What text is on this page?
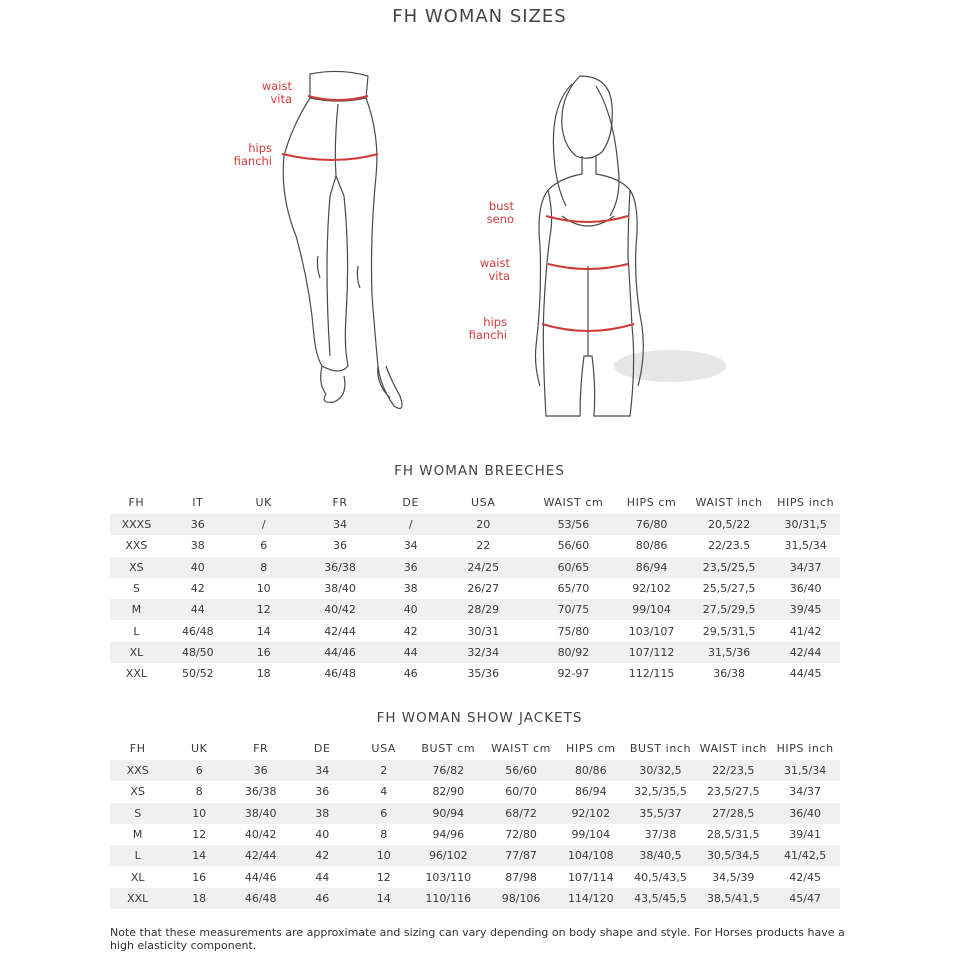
FH WOMAN SIZES
waist
vita
hips
fianchi
bust
seno
waist
vita
hips
fianchi
FH WOMAN BREECHES
FH	IT	UK	FR	DE	USA	WAIST cm	HIPS cm	WAIST inch	HIPS inch
XXXS	36	/	34	/	20	53/56	76/80	20,5/22	30/31,5
XXS	38	6	36	34	22	56/60	80/86	22/23.5	31,5/34
XS	40	8	36/38	36	24/25	60/65	86/94	23,5/25,5	34/37
S	42	10	38/40	38	26/27	65/70	92/102	25,5/27,5	36/40
M	44	12	40/42	40	28/29	70/75	99/104	27,5/29,5	39/45
L	46/48	14	42/44	42	30/31	75/80	103/107	29,5/31,5	41/42
XL	48/50	16	44/46	44	32/34	80/92	107/112	31,5/36	42/44
XXL	50/52	18	46/48	46	35/36	92-97	112/115	36/38	44/45
FH WOMAN SHOW JACKETS
FH	UK	FR	DE	USA	BUST cm	WAIST cm	HIPS cm	BUST inch	WAIST inch	HIPS inch
XXS	6	36	34	2	76/82	56/60	80/86	30/32,5	22/23,5	31,5/34
XS	8	36/38	36	4	82/90	60/70	86/94	32,5/35,5	23,5/27,5	34/37
S	10	38/40	38	6	90/94	68/72	92/102	35,5/37	27/28,5	36/40
M	12	40/42	40	8	94/96	72/80	99/104	37/38	28,5/31,5	39/41
L	14	42/44	42	10	96/102	77/87	104/108	38/40,5	30,5/34,5	41/42,5
XL	16	44/46	44	12	103/110	87/98	107/114	40,5/43,5	34,5/39	42/45
XXL	18	46/48	46	14	110/116	98/106	114/120	43,5/45,5	38,5/41,5	45/47
Note that these measurements are approximate and sizing can vary depending on body shape and style. For Horses products have a high elasticity component.
